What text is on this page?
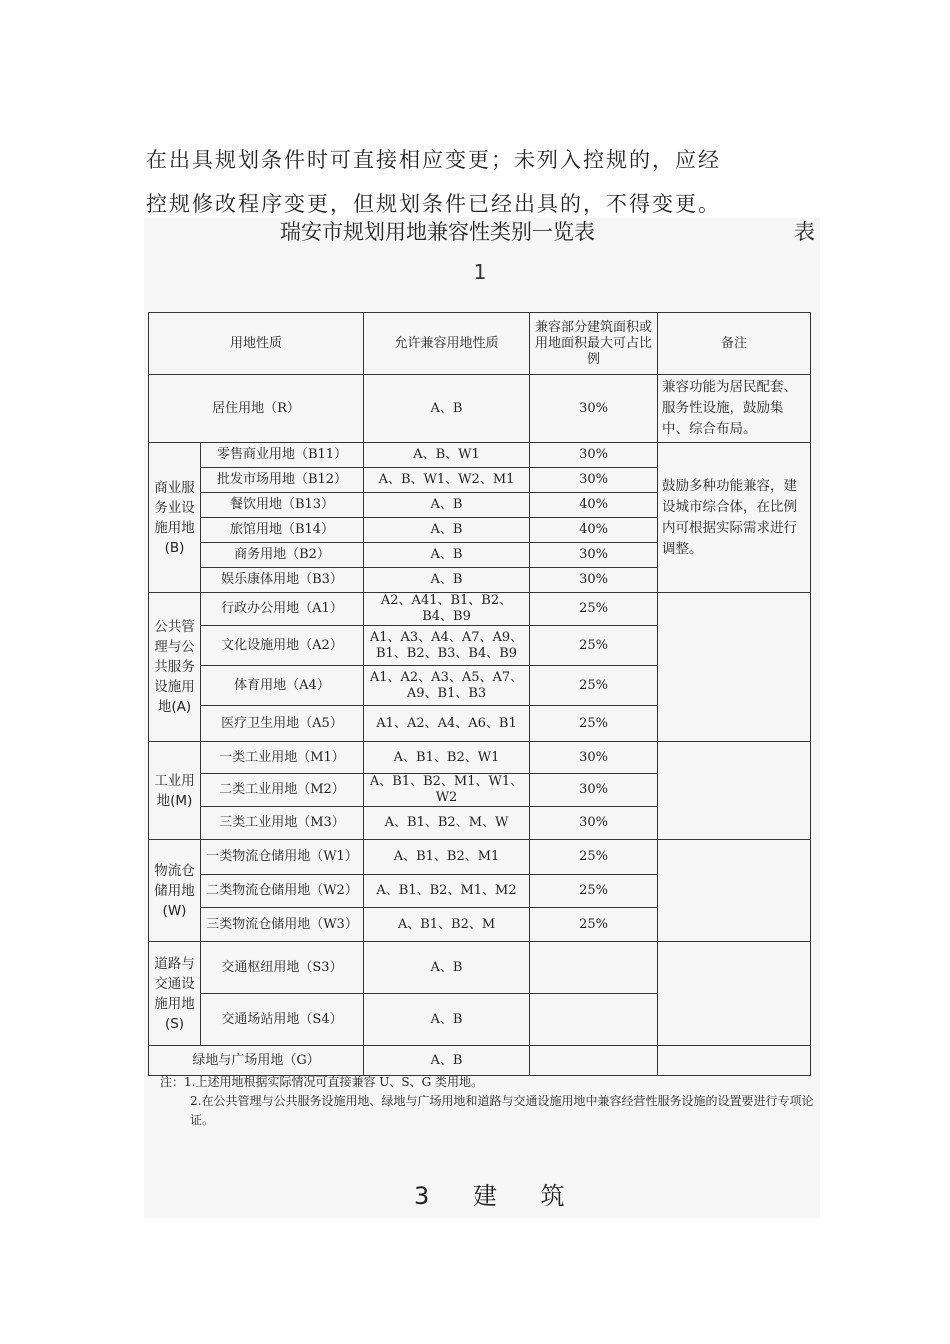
在出具规划条件时可直接相应变更；未列入控规的，应经

控规修改程序变更，但规划条件已经出具的，不得变更。

瑞安市规划用地兼容性类别一览表	表
1
用地性质		允许兼容用地性质	兼容部分建筑面积或用地面积最大可占比例	备注
居住用地（R）		A、B	30%	兼容功能为居民配套、服务性设施，鼓励集中、综合布局。
商业服务业设施用地(B)	零售商业用地（B11）	A、B、W1	30%	鼓励多种功能兼容，建设城市综合体，在比例内可根据实际需求进行调整。
	批发市场用地（B12）	A、B、W1、W2、M1	30%	
	餐饮用地（B13）	A、B	40%	
	旅馆用地（B14）	A、B	40%	
	商务用地（B2）	A、B	30%	
	娱乐康体用地（B3）	A、B	30%	
公共管理与公共服务设施用地(A)	行政办公用地（A1）	A2、A41、B1、B2、B4、B9	25%	
	文化设施用地（A2）	A1、A3、A4、A7、A9、B1、B2、B3、B4、B9	25%	
	体育用地（A4）	A1、A2、A3、A5、A7、A9、B1、B3	25%	
	医疗卫生用地（A5）	A1、A2、A4、A6、B1	25%	
工业用地(M)	一类工业用地（M1）	A、B1、B2、W1	30%	
	二类工业用地（M2）	A、B1、B2、M1、W1、W2	30%	
	三类工业用地（M3）	A、B1、B2、M、W	30%	
物流仓储用地(W)	一类物流仓储用地（W1）	A、B1、B2、M1	25%	
	二类物流仓储用地（W2）	A、B1、B2、M1、M2	25%	
	三类物流仓储用地（W3）	A、B1、B2、M	25%	
道路与交通设施用地(S)	交通枢纽用地（S3）	A、B		
	交通场站用地（S4）	A、B		
绿地与广场用地（G）		A、B		

注：1.上述用地根据实际情况可直接兼容 U、S、G 类用地。

2.在公共管理与公共服务设施用地、绿地与广场用地和道路与交通设施用地中兼容经营性服务设施的设置要进行专项论证。

3 建 筑
